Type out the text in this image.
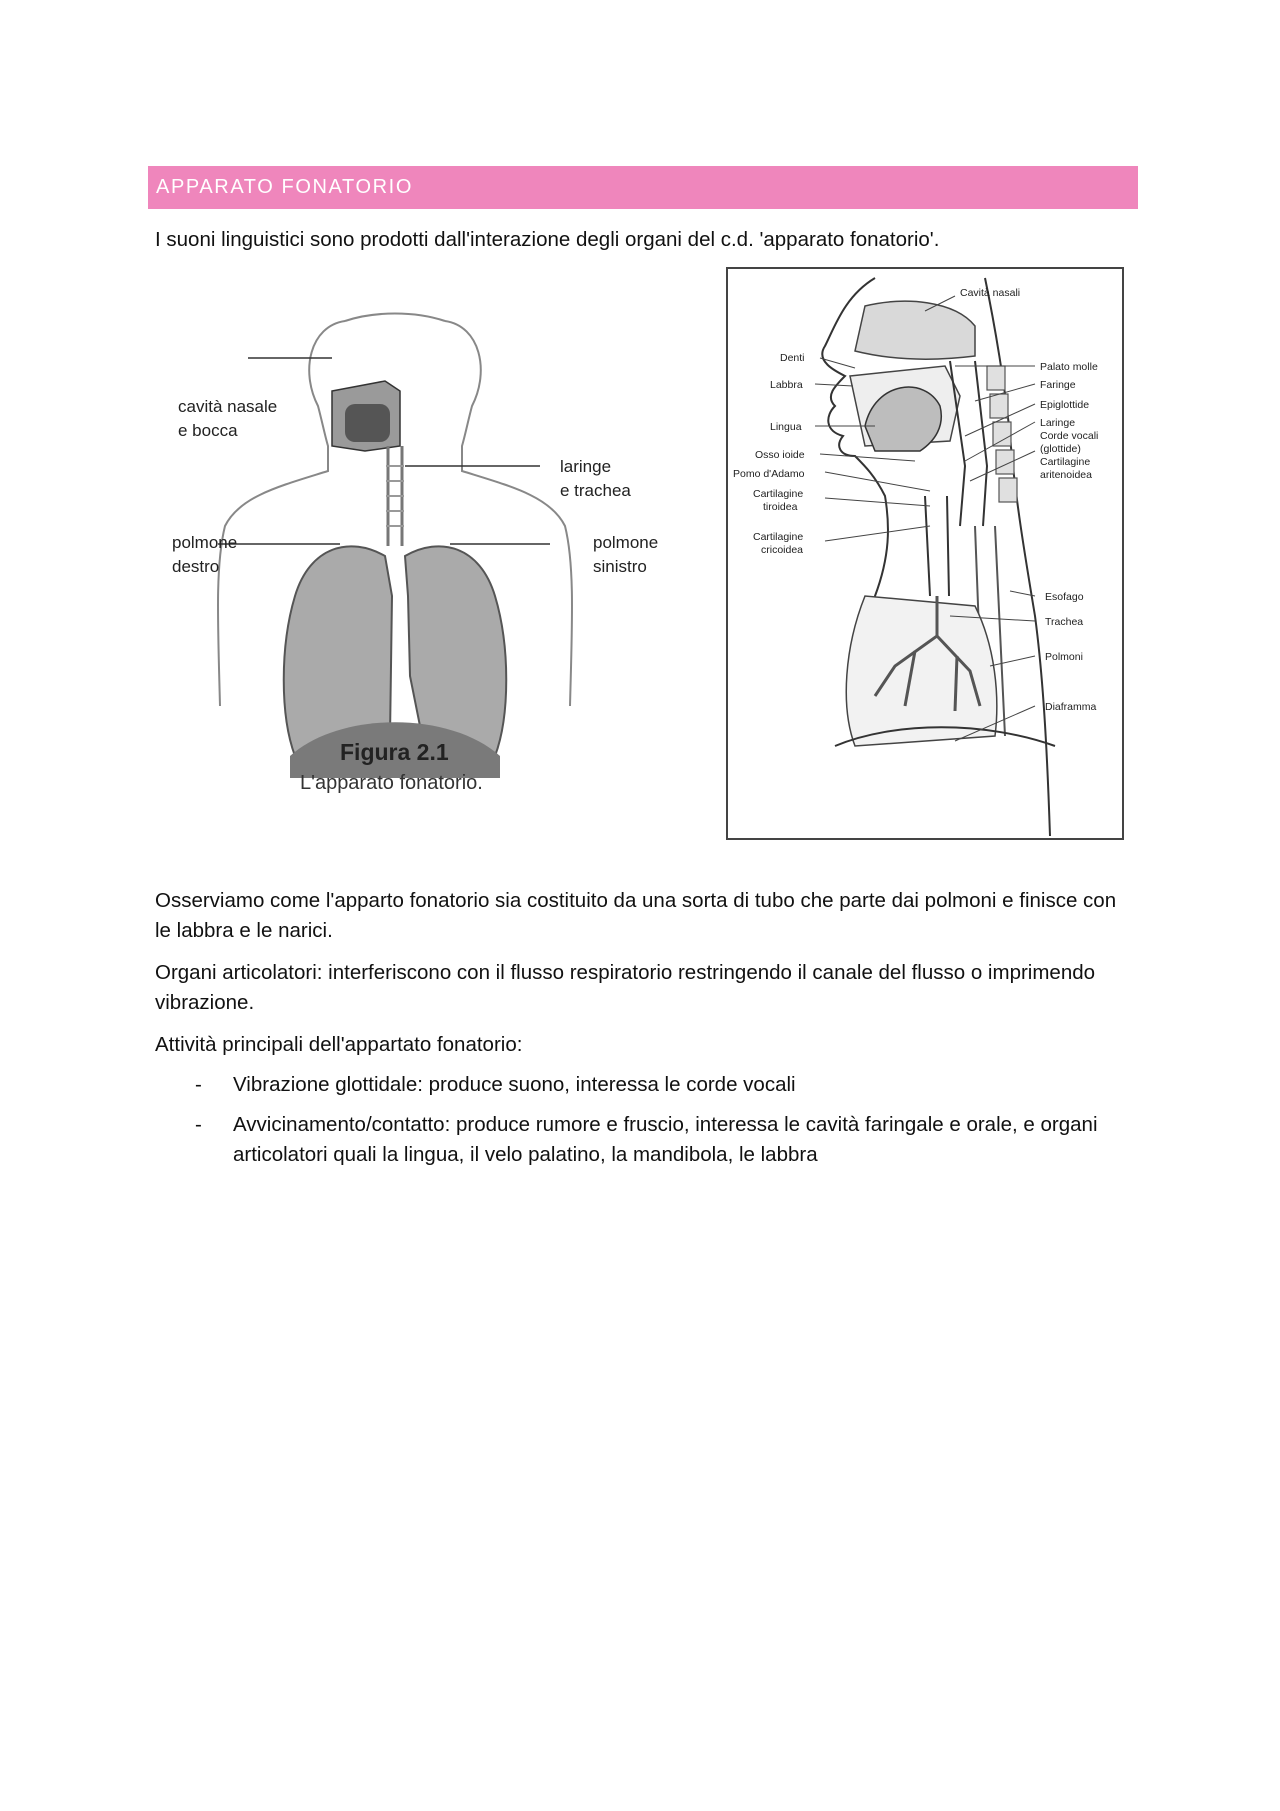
APPARATO FONATORIO

I suoni linguistici sono prodotti dall'interazione degli organi del c.d. 'apparato fonatorio'.

cavità nasale
e bocca
laringe
e trachea
polmone
destro
polmone
sinistro
Figura 2.1
L'apparato fonatorio.
Cavità nasali
Denti
Labbra
Lingua
Osso ioide
Pomo d'Adamo
Cartilagine
tiroidea
Cartilagine
cricoidea
Palato molle
Faringe
Epiglottide
Laringe
Corde vocali
(glottide)
Cartilagine
aritenoidea
Esofago
Trachea
Polmoni
Diaframma

Osserviamo come l'apparto fonatorio sia costituito da una sorta di tubo che parte dai polmoni e finisce con le labbra e le narici.

Organi articolatori: interferiscono con il flusso respiratorio restringendo il canale del flusso o imprimendo vibrazione.

Attività principali dell'appartato fonatorio:

- Vibrazione glottidale: produce suono, interessa le corde vocali
- Avvicinamento/contatto: produce rumore e fruscio, interessa le cavità faringale e orale, e organi articolatori quali la lingua, il velo palatino, la mandibola, le labbra
